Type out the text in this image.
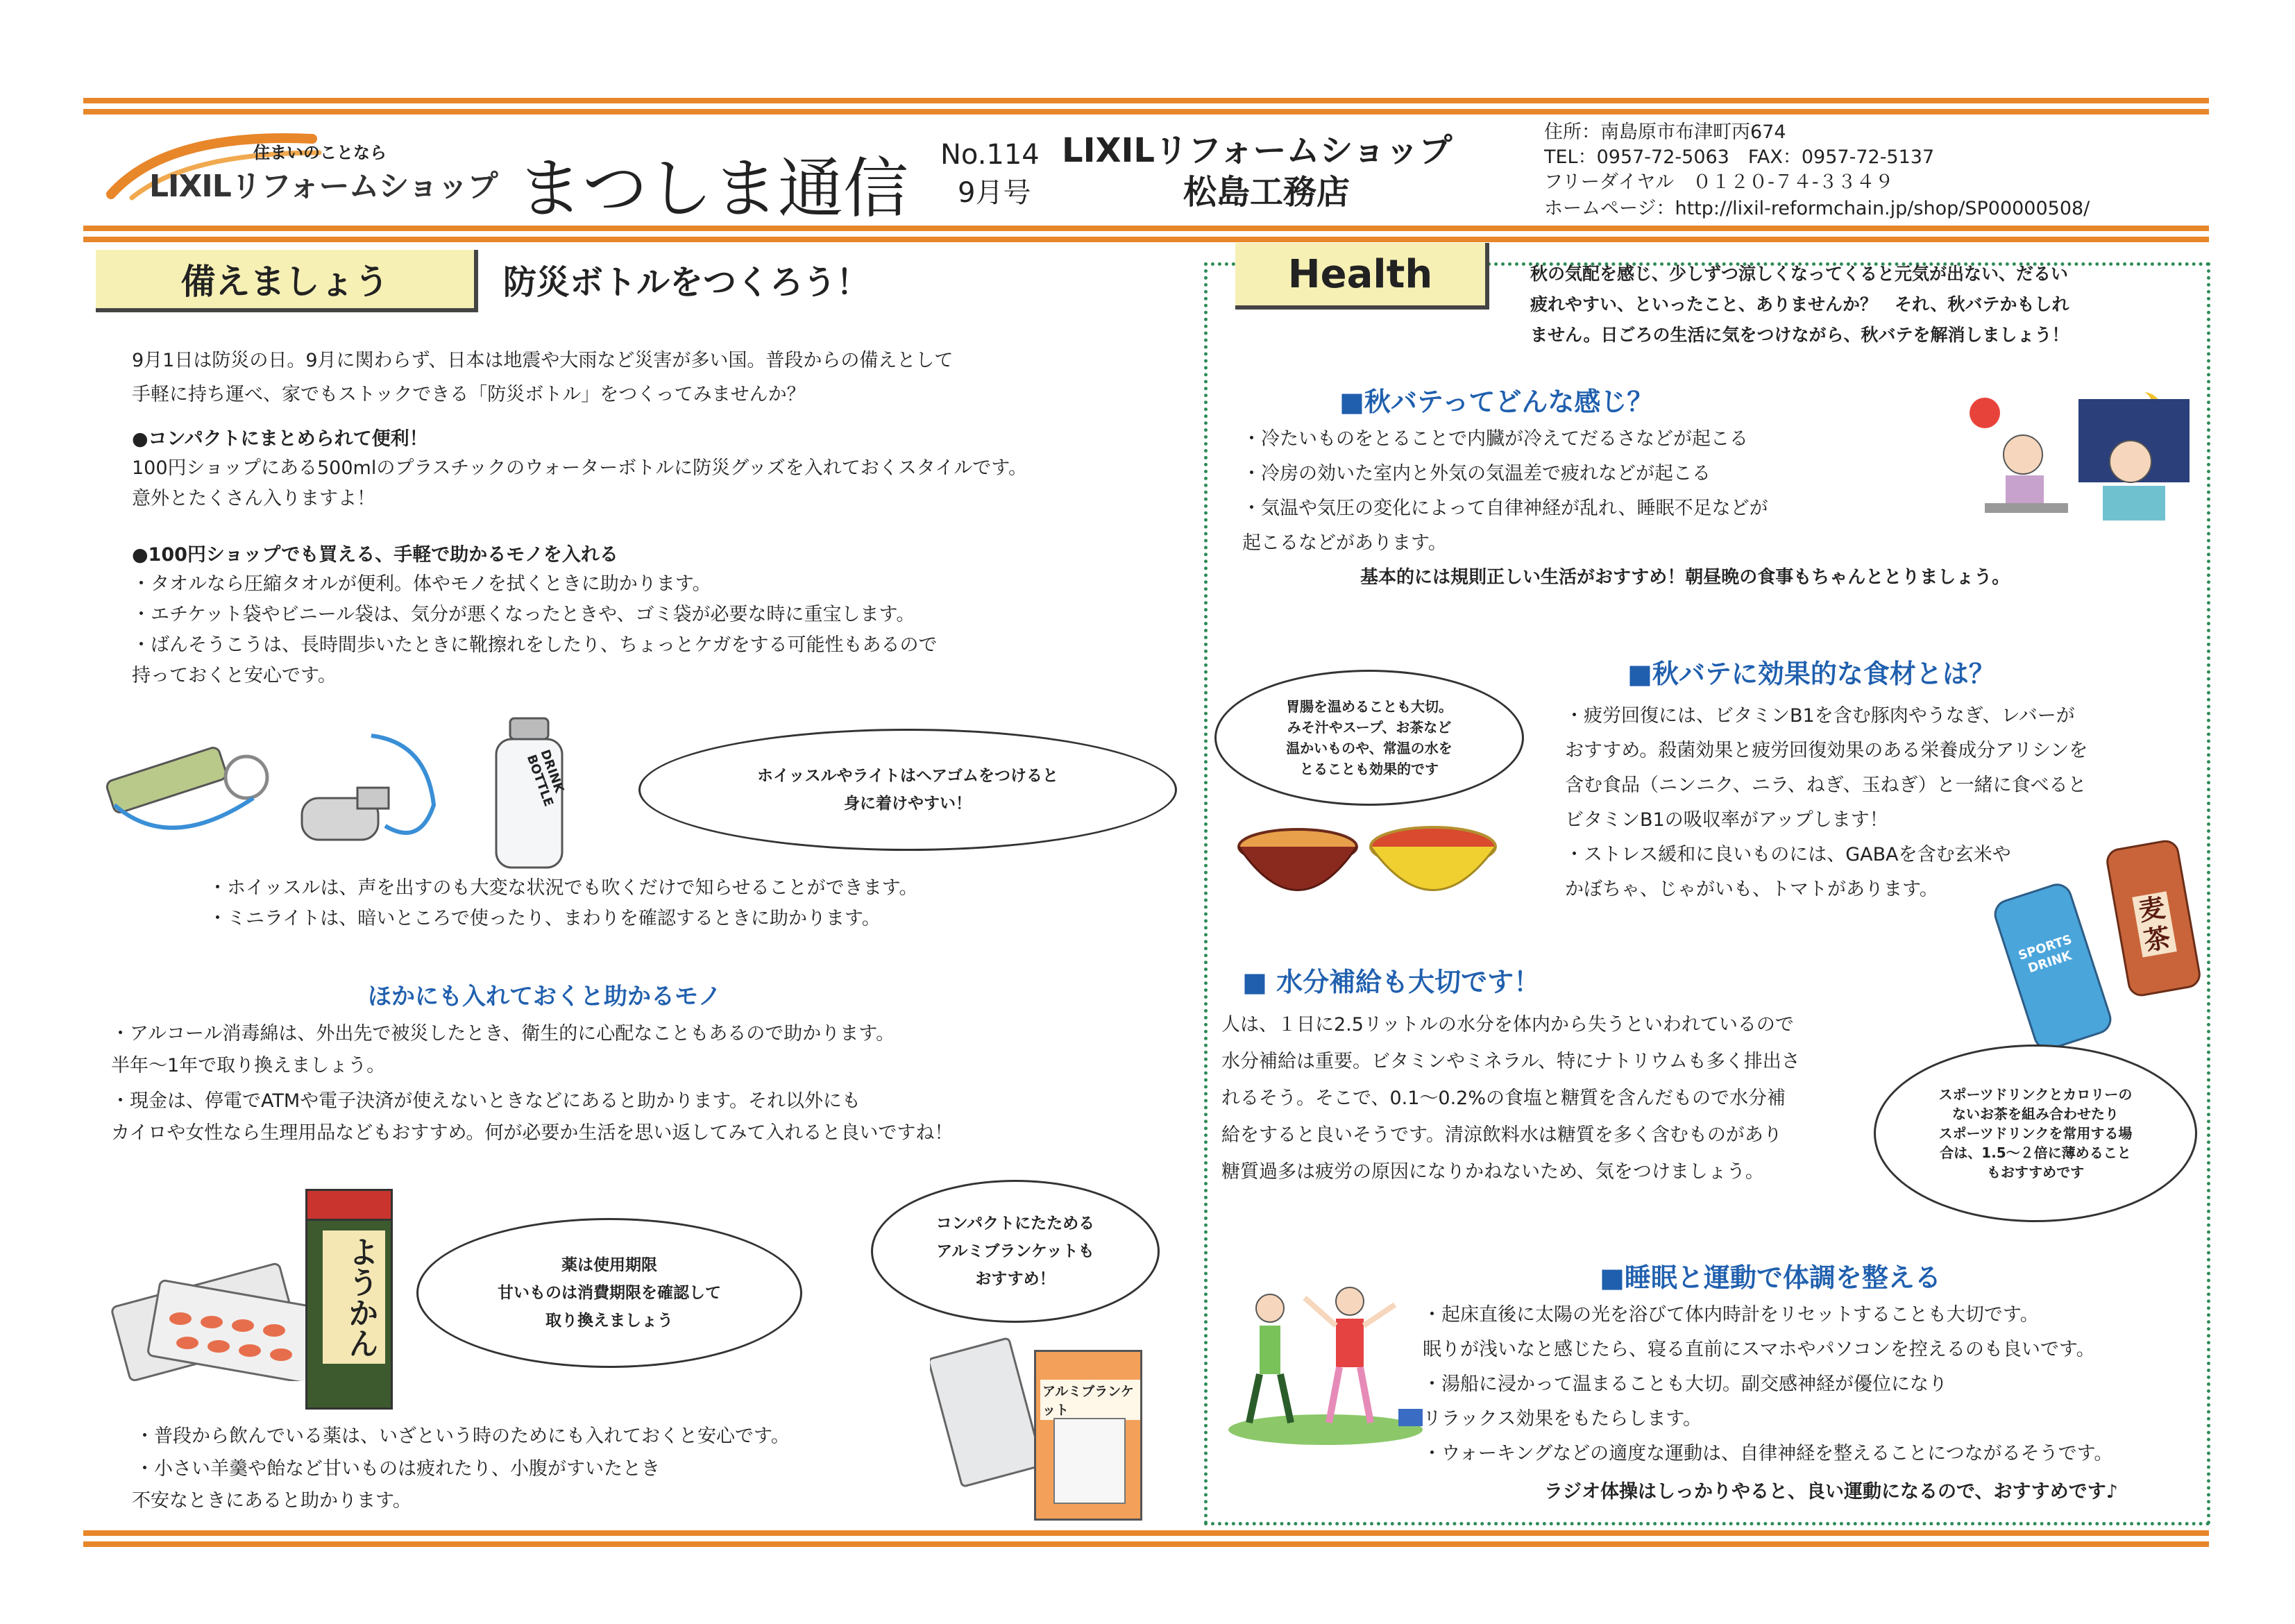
住まいのことなら
LIXILリフォームショップ まつしま通信 No.114
9月号
LIXILリフォームショップ
松島工務店
住所：南島原市布津町丙674
TEL：0957-72-5063　FAX：0957-72-5137
フリーダイヤル　０１２０-７４-３３４９
ホームページ：http://lixil-reformchain.jp/shop/SP00000508/
備えましょう	防災ボトルをつくろう！
9月1日は防災の日。9月に関わらず、日本は地震や大雨など災害が多い国。普段からの備えとして
手軽に持ち運べ、家でもストックできる「防災ボトル」をつくってみませんか？
●コンパクトにまとめられて便利！
100円ショップにある500mlのプラスチックのウォーターボトルに防災グッズを入れておくスタイルです。
意外とたくさん入りますよ！
●100円ショップでも買える、手軽で助かるモノを入れる
・タオルなら圧縮タオルが便利。体やモノを拭くときに助かります。
・エチケット袋やビニール袋は、気分が悪くなったときや、ゴミ袋が必要な時に重宝します。
・ばんそうこうは、長時間歩いたときに靴擦れをしたり、ちょっとケガをする可能性もあるので
持っておくと安心です。
DRINK BOTTLE	ホイッスルやライトはヘアゴムをつけると
身に着けやすい！
・ホイッスルは、声を出すのも大変な状況でも吹くだけで知らせることができます。
・ミニライトは、暗いところで使ったり、まわりを確認するときに助かります。
ほかにも入れておくと助かるモノ
・アルコール消毒綿は、外出先で被災したとき、衛生的に心配なこともあるので助かります。
半年～1年で取り換えましょう。
・現金は、停電でATMや電子決済が使えないときなどにあると助かります。それ以外にも
カイロや女性なら生理用品などもおすすめ。何が必要か生活を思い返してみて入れると良いですね！
ようかん	薬は使用期限
甘いものは消費期限を確認して
取り換えましょう
コンパクトにたためる
アルミブランケットも
おすすめ！
アルミブランケット
・普段から飲んでいる薬は、いざという時のためにも入れておくと安心です。
・小さい羊羹や飴など甘いものは疲れたり、小腹がすいたとき
不安なときにあると助かります。
Health	秋の気配を感じ、少しずつ涼しくなってくると元気が出ない、だるい
疲れやすい、といったこと、ありませんか？　それ、秋バテかもしれ
ません。日ごろの生活に気をつけながら、秋バテを解消しましょう！
■秋バテってどんな感じ？
・冷たいものをとることで内臓が冷えてだるさなどが起こる
・冷房の効いた室内と外気の気温差で疲れなどが起こる
・気温や気圧の変化によって自律神経が乱れ、睡眠不足などが
起こるなどがあります。
基本的には規則正しい生活がおすすめ！朝昼晩の食事もちゃんととりましょう。
■秋バテに効果的な食材とは？
胃腸を温めることも大切。
みそ汁やスープ、お茶など
温かいものや、常温の水を
とることも効果的です
・疲労回復には、ビタミンB1を含む豚肉やうなぎ、レバーが
おすすめ。殺菌効果と疲労回復効果のある栄養成分アリシンを
含む食品（ニンニク、ニラ、ねぎ、玉ねぎ）と一緒に食べると
ビタミンB1の吸収率がアップします！
・ストレス緩和に良いものには、GABAを含む玄米や
かぼちゃ、じゃがいも、トマトがあります。
SPORTS DRINK
麦茶
■ 水分補給も大切です！
人は、１日に2.5リットルの水分を体内から失うといわれているので
水分補給は重要。ビタミンやミネラル、特にナトリウムも多く排出さ
れるそう。そこで、0.1～0.2%の食塩と糖質を含んだもので水分補
給をすると良いそうです。清涼飲料水は糖質を多く含むものがあり
糖質過多は疲労の原因になりかねないため、気をつけましょう。
スポーツドリンクとカロリーの
ないお茶を組み合わせたり
スポーツドリンクを常用する場
合は、1.5～２倍に薄めること
もおすすめです
■睡眠と運動で体調を整える
・起床直後に太陽の光を浴びて体内時計をリセットすることも大切です。
眠りが浅いなと感じたら、寝る直前にスマホやパソコンを控えるのも良いです。
・湯船に浸かって温まることも大切。副交感神経が優位になり
リラックス効果をもたらします。
・ウォーキングなどの適度な運動は、自律神経を整えることにつながるそうです。
ラジオ体操はしっかりやると、良い運動になるので、おすすめです♪
